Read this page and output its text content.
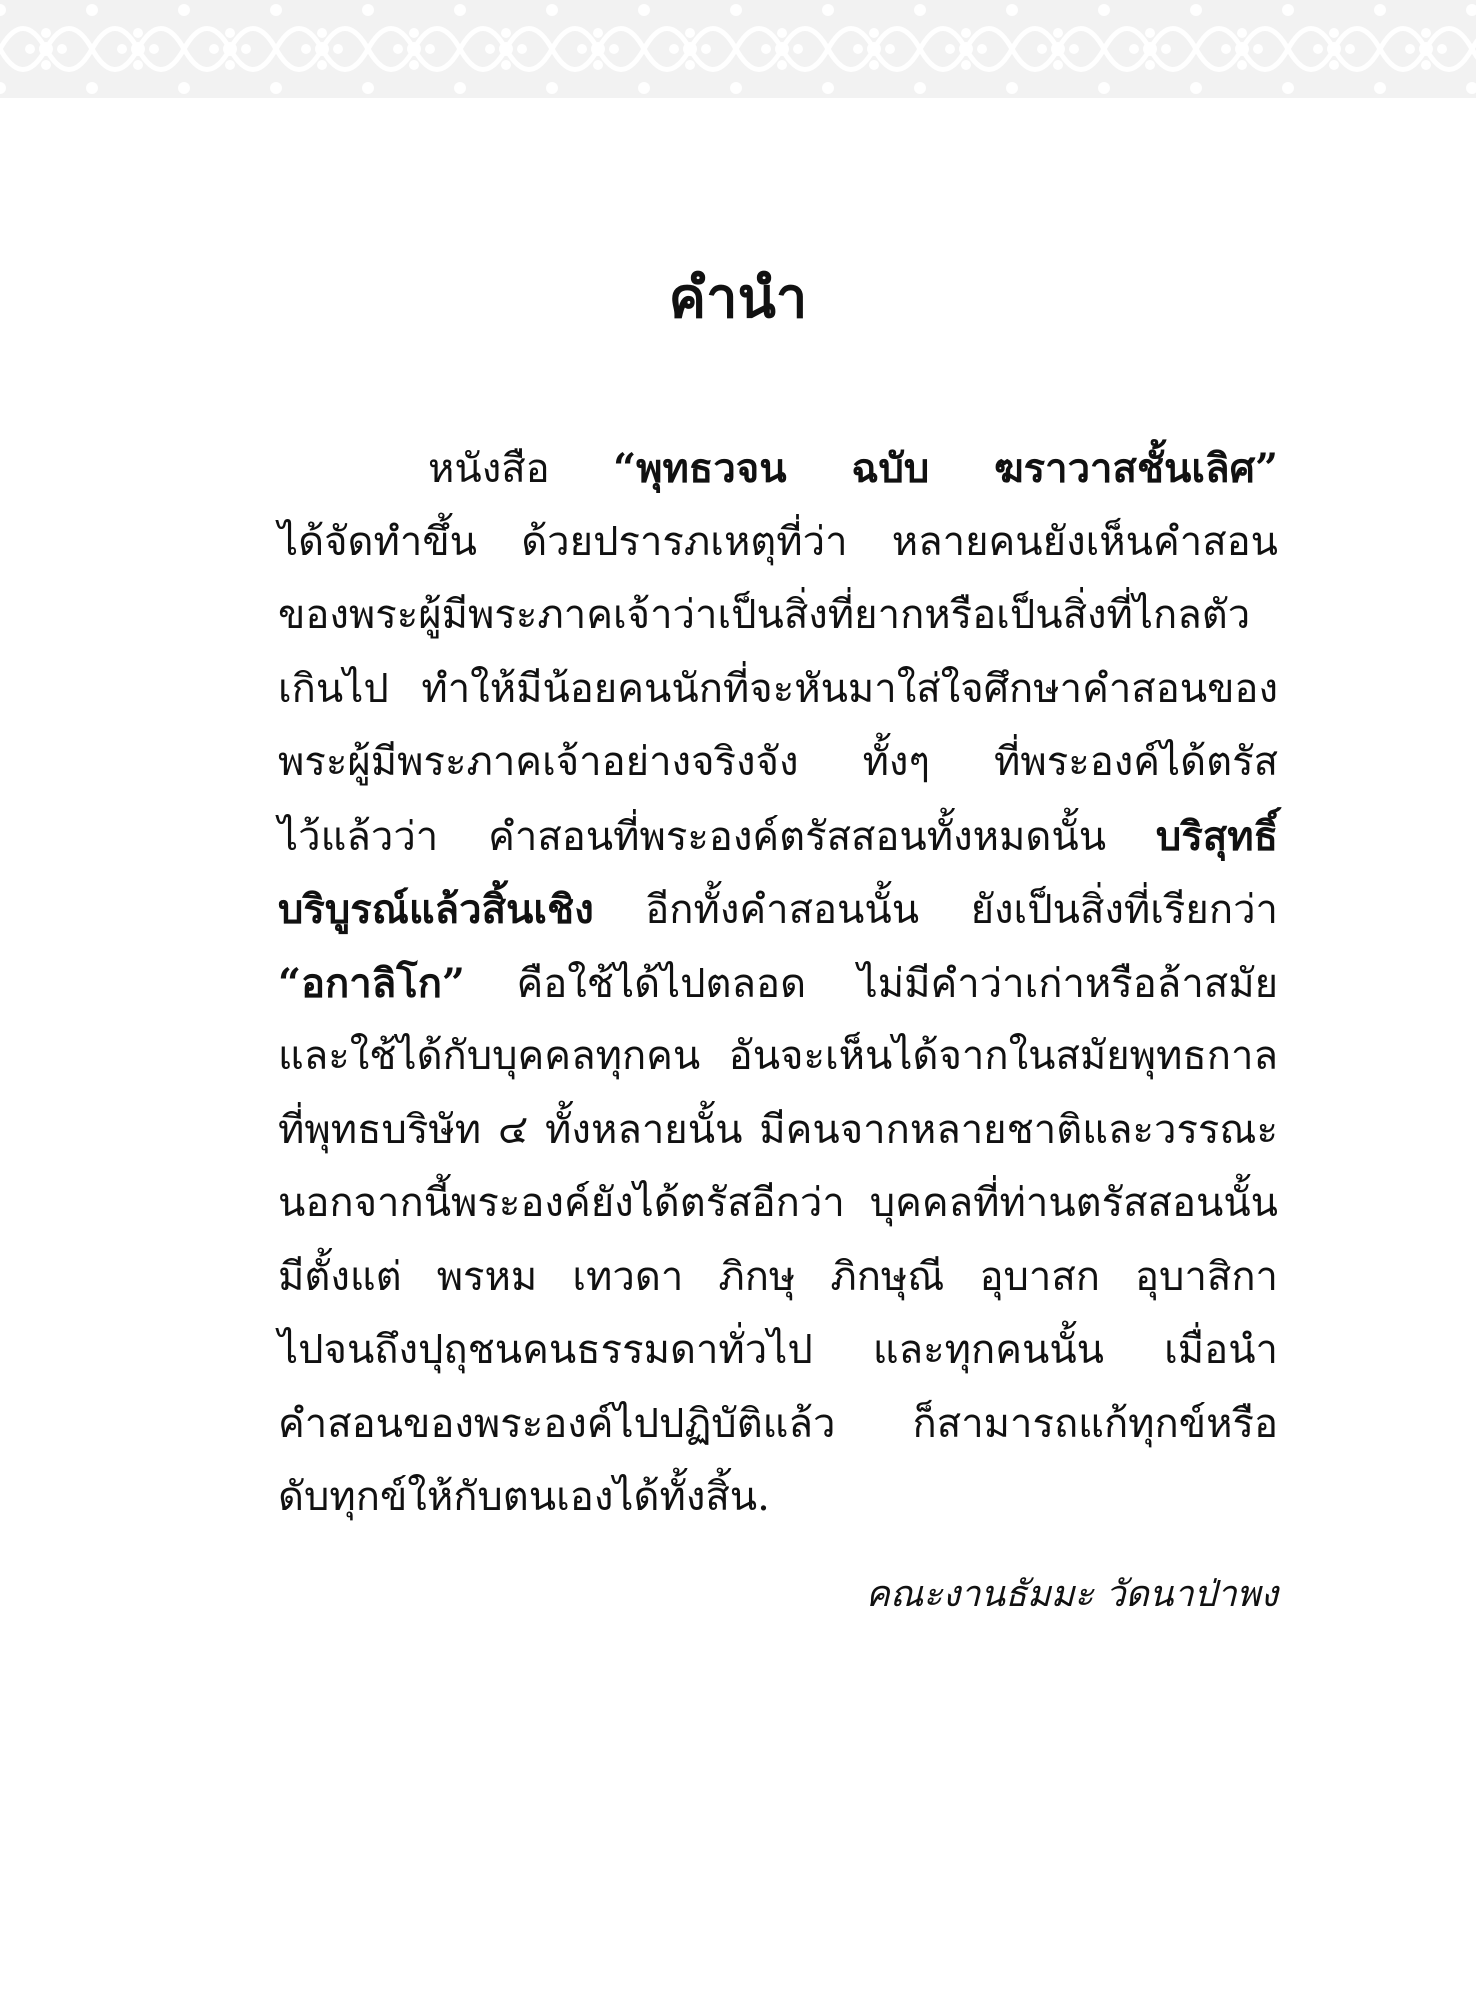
คำนำ
หนังสือ “พุทธวจน ฉบับ ฆราวาสชั้นเลิศ”
ได้จัดทำขึ้น ด้วยปรารภเหตุที่ว่า หลายคนยังเห็นคำสอน
ของพระผู้มีพระภาคเจ้าว่าเป็นสิ่งที่ยากหรือเป็นสิ่งที่ไกลตัว
เกินไป ทำให้มีน้อยคนนักที่จะหันมาใส่ใจศึกษาคำสอนของ
พระผู้มีพระภาคเจ้าอย่างจริงจัง ทั้งๆ ที่พระองค์ได้ตรัส
ไว้แล้วว่า คำสอนที่พระองค์ตรัสสอนทั้งหมดนั้น บริสุทธิ์
บริบูรณ์แล้วสิ้นเชิง อีกทั้งคำสอนนั้น ยังเป็นสิ่งที่เรียกว่า
“อกาลิโก” คือใช้ได้ไปตลอด ไม่มีคำว่าเก่าหรือล้าสมัย
และใช้ได้กับบุคคลทุกคน อันจะเห็นได้จากในสมัยพุทธกาล
ที่พุทธบริษัท ๔ ทั้งหลายนั้น มีคนจากหลายชาติและวรรณะ
นอกจากนี้พระองค์ยังได้ตรัสอีกว่า บุคคลที่ท่านตรัสสอนนั้น
มีตั้งแต่ พรหม เทวดา ภิกษุ ภิกษุณี อุบาสก อุบาสิกา
ไปจนถึงปุถุชนคนธรรมดาทั่วไป และทุกคนนั้น เมื่อนำ
คำสอนของพระองค์ไปปฏิบัติแล้ว ก็สามารถแก้ทุกข์หรือ
ดับทุกข์ให้กับตนเองได้ทั้งสิ้น.
คณะงานธัมมะ วัดนาป่าพง
